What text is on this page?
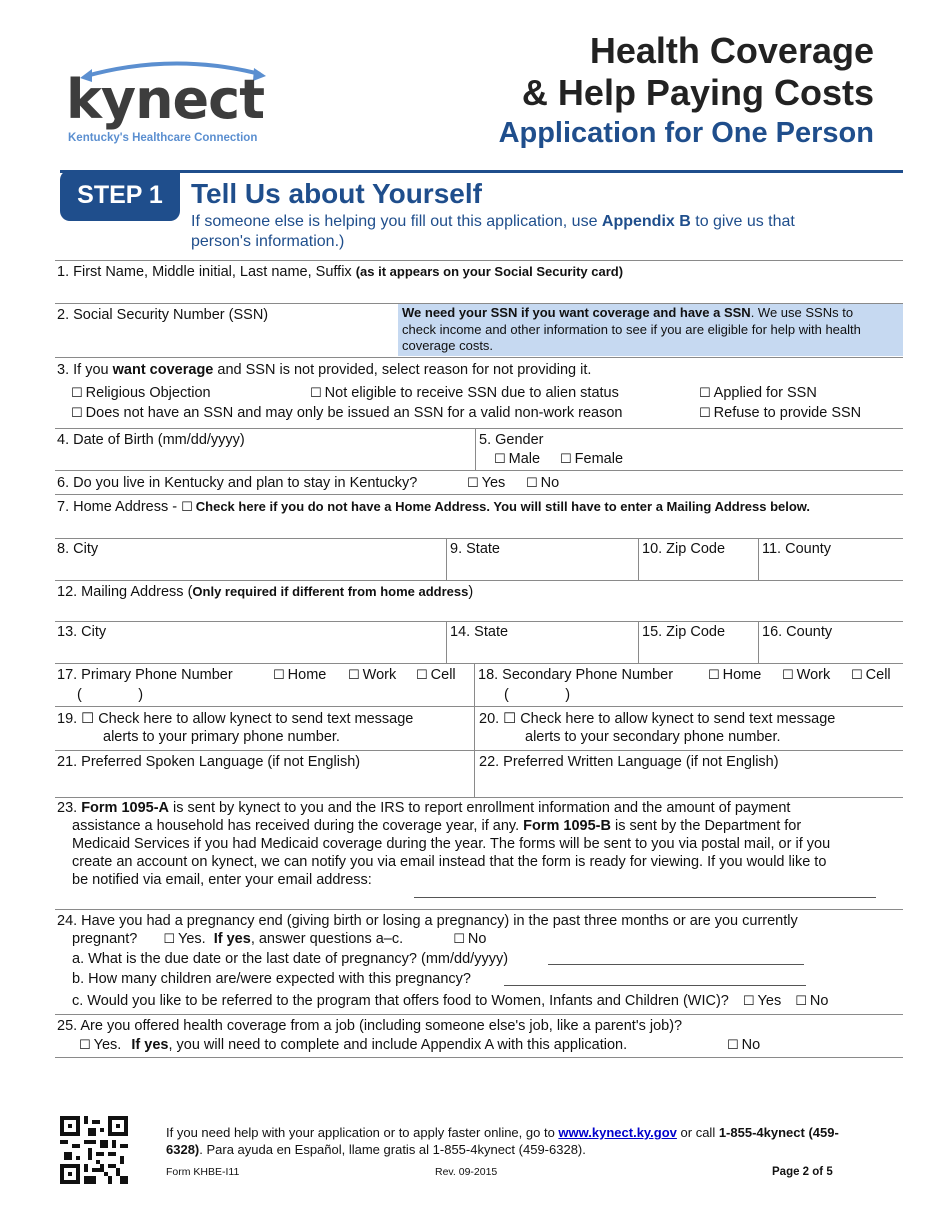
kynect
Kentucky's Healthcare Connection
Health Coverage
& Help Paying Costs
Application for One Person
STEP 1	Tell Us about Yourself
If someone else is helping you fill out this application, use Appendix B to give us that
person's information.)
1. First Name, Middle initial, Last name, Suffix (as it appears on your Social Security card)
2. Social Security Number (SSN)	We need your SSN if you want coverage and have a SSN. We use SSNs to
check income and other information to see if you are eligible for help with health
coverage costs.
3. If you want coverage and SSN is not provided, select reason for not providing it.
☐ Religious Objection	☐ Not eligible to receive SSN due to alien status	☐ Applied for SSN
☐ Does not have an SSN and may only be issued an SSN for a valid non-work reason	☐ Refuse to provide SSN
4. Date of Birth (mm/dd/yyyy)	5. Gender
☐ Male ☐ Female
6. Do you live in Kentucky and plan to stay in Kentucky?	☐ Yes ☐ No
7. Home Address - ☐ Check here if you do not have a Home Address. You will still have to enter a Mailing Address below.
8. City	9. State	10. Zip Code	11. County
12. Mailing Address (Only required if different from home address)
13. City	14. State	15. Zip Code	16. County
17. Primary Phone Number	☐ Home ☐ Work ☐ Cell
(              )
18. Secondary Phone Number	☐ Home ☐ Work ☐ Cell
(              )
19. ☐ Check here to allow kynect to send text message
alerts to your primary phone number.
20. ☐ Check here to allow kynect to send text message
alerts to your secondary phone number.
21. Preferred Spoken Language (if not English)	22. Preferred Written Language (if not English)
23. Form 1095-A is sent by kynect to you and the IRS to report enrollment information and the amount of payment
assistance a household has received during the coverage year, if any. Form 1095-B is sent by the Department for
Medicaid Services if you had Medicaid coverage during the year. The forms will be sent to you via postal mail, or if you
create an account on kynect, we can notify you via email instead that the form is ready for viewing. If you would like to
be notified via email, enter your email address:
24. Have you had a pregnancy end (giving birth or losing a pregnancy) in the past three months or are you currently
pregnant? ☐ Yes. If yes, answer questions a–c.	☐ No
a. What is the due date or the last date of pregnancy? (mm/dd/yyyy)
b. How many children are/were expected with this pregnancy?
c. Would you like to be referred to the program that offers food to Women, Infants and Children (WIC)? ☐ Yes ☐ No
25. Are you offered health coverage from a job (including someone else's job, like a parent's job)?
☐ Yes. If yes, you will need to complete and include Appendix A with this application.	☐ No
If you need help with your application or to apply faster online, go to www.kynect.ky.gov or call 1-855-4kynect (459-
6328). Para ayuda en Español, llame gratis al 1-855-4kynect (459-6328).
Form KHBE-I11	Rev. 09-2015	Page 2 of 5
